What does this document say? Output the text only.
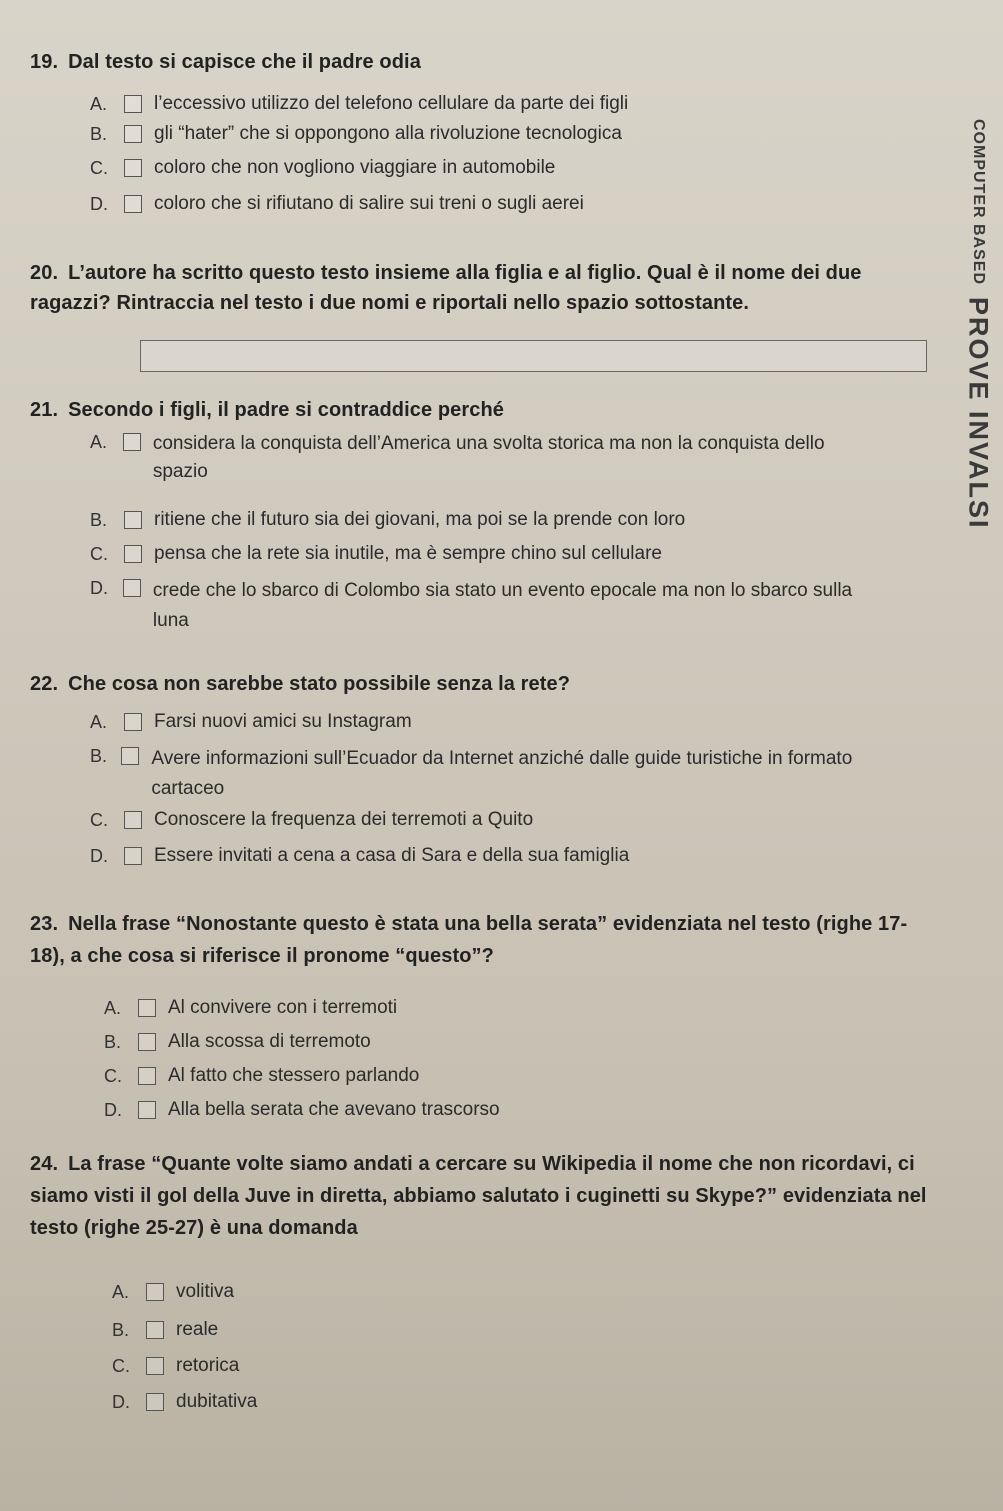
19. Dal testo si capisce che il padre odia
A.	l’eccessivo utilizzo del telefono cellulare da parte dei figli
B.	gli “hater” che si oppongono alla rivoluzione tecnologica
C.	coloro che non vogliono viaggiare in automobile
D.	coloro che si rifiutano di salire sui treni o sugli aerei
20. L’autore ha scritto questo testo insieme alla figlia e al figlio. Qual è il nome dei due ragazzi? Rintraccia nel testo i due nomi e riportali nello spazio sottostante.
21. Secondo i figli, il padre si contraddice perché
A.	considera la conquista dell’America una svolta storica ma non la conquista dello spazio
B.	ritiene che il futuro sia dei giovani, ma poi se la prende con loro
C.	pensa che la rete sia inutile, ma è sempre chino sul cellulare
D.	crede che lo sbarco di Colombo sia stato un evento epocale ma non lo sbarco sulla luna
22. Che cosa non sarebbe stato possibile senza la rete?
A.	Farsi nuovi amici su Instagram
B.	Avere informazioni sull’Ecuador da Internet anziché dalle guide turistiche in formato cartaceo
C.	Conoscere la frequenza dei terremoti a Quito
D.	Essere invitati a cena a casa di Sara e della sua famiglia
23. Nella frase “Nonostante questo è stata una bella serata” evidenziata nel testo (righe 17-18), a che cosa si riferisce il pronome “questo”?
A.	Al convivere con i terremoti
B.	Alla scossa di terremoto
C.	Al fatto che stessero parlando
D.	Alla bella serata che avevano trascorso
24. La frase “Quante volte siamo andati a cercare su Wikipedia il nome che non ricordavi, ci siamo visti il gol della Juve in diretta, abbiamo salutato i cuginetti su Skype?” evidenziata nel testo (righe 25-27) è una domanda
A.	volitiva
B.	reale
C.	retorica
D.	dubitativa
COMPUTER BASED
PROVE INVALSI
